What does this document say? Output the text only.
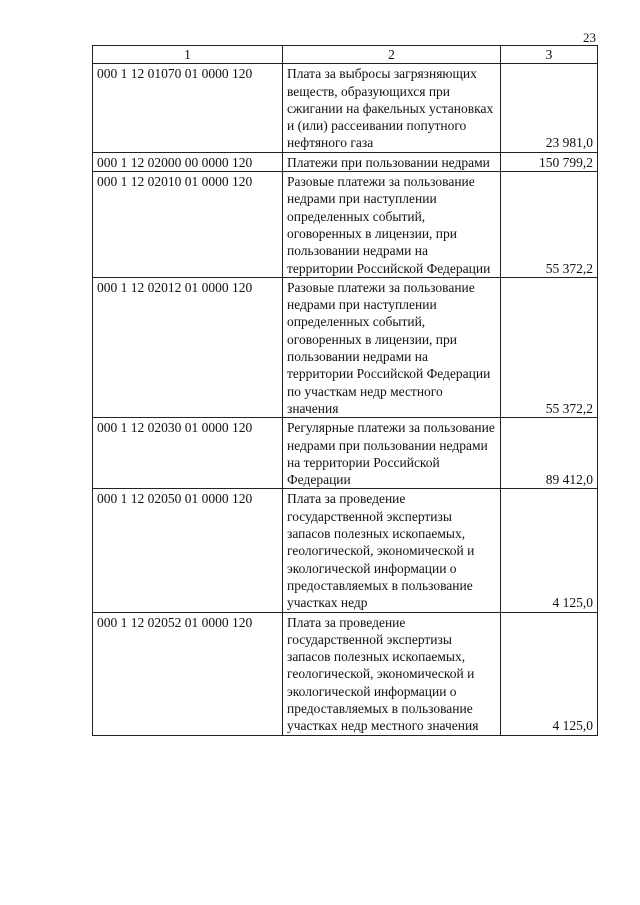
23
1	2	3
000 1 12 01070 01 0000 120	Плата за выбросы загрязняющих веществ, образующихся при сжигании на факельных установках и (или) рассеивании попутного нефтяного газа	23 981,0
000 1 12 02000 00 0000 120	Платежи при пользовании недрами	150 799,2
000 1 12 02010 01 0000 120	Разовые платежи за пользование недрами при наступлении определенных событий, оговоренных в лицензии, при пользовании недрами на территории Российской Федерации	55 372,2
000 1 12 02012 01 0000 120	Разовые платежи за пользование недрами при наступлении определенных событий, оговоренных в лицензии, при пользовании недрами на территории Российской Федерации по участкам недр местного значения	55 372,2
000 1 12 02030 01 0000 120	Регулярные платежи за пользование недрами при пользовании недрами на территории Российской Федерации	89 412,0
000 1 12 02050 01 0000 120	Плата за проведение государственной экспертизы запасов полезных ископаемых, геологической, экономической и экологической информации о предоставляемых в пользование участках недр	4 125,0
000 1 12 02052 01 0000 120	Плата за проведение государственной экспертизы запасов полезных ископаемых, геологической, экономической и экологической информации о предоставляемых в пользование участках недр местного значения	4 125,0
